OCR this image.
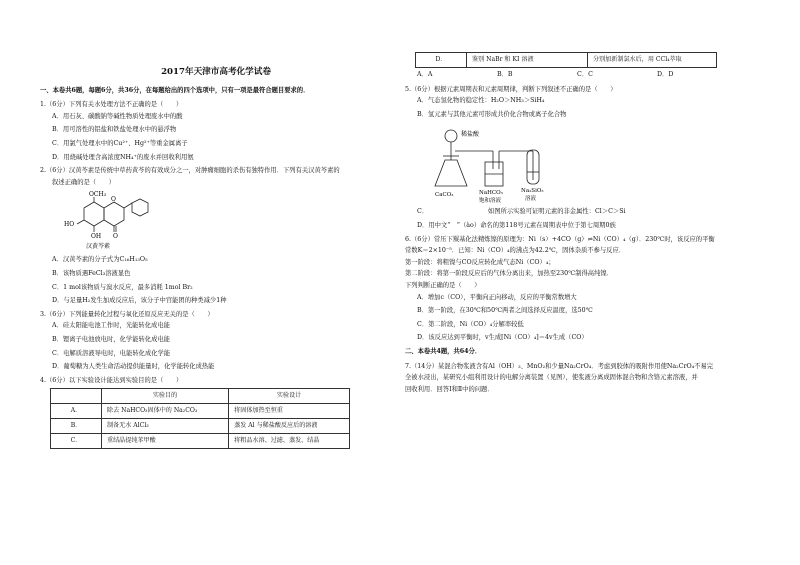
2017年天津市高考化学试卷
一、本卷共6题，每题6分，共36分，在每题给出的四个选项中，只有一项是最符合题目要求的．
1.（6分）下列有关水处理方法不正确的是（　　）
A．用石灰、碳酸钠等碱性物质处理废水中的酸
B．用可溶性的铝盐和铁盐处理水中的悬浮物
C．用氯气处理水中的Cu²⁺、Hg²⁺等重金属离子
D．用烧碱处理含高浓度NH₄⁺的废水并回收利用氨
2.（6分）汉黄芩素是传统中草药黄芩的有效成分之一，对肿瘤细胞的杀伤有独特作用．下列有关汉黄芩素的
叙述正确的是（　　）
OCH₃
HO
OH O
O
汉黄芩素
A．汉黄芩素的分子式为C₁₆H₁₃O₅
B．该物质遇FeCl₃溶液显色
C．1 mol该物质与溴水反应，最多消耗 1mol Br₂
D．与足量H₂发生加成反应后，该分子中官能团的种类减少1种
3.（6分）下列能量转化过程与氧化还原反应无关的是（　　）
A．硅太阳能电池工作时，光能转化成电能
B．锂离子电池放电时，化学能转化成电能
C．电解质溶液导电时，电能转化成化学能
D．葡萄糖为人类生命活动提供能量时，化学能转化成热能
4.（6分）以下实验设计能达到实验目的是（　　）
	实验目的	实验设计
A．	除去 NaHCO₃固体中的 Na₂CO₃	将固体加热至恒重
B．	制备无水 AlCl₃	蒸发 Al 与稀盐酸反应后的溶液
C．	重结晶提纯苯甲酸	将粗品水溶、过滤、蒸发、结晶
D．	鉴别 NaBr 和 KI 溶液	分别加新制氯水后，用 CCl₄萃取
A．A	B．B	C．C	D．D
5.（6分）根据元素周期表和元素周期律，判断下列叙述不正确的是（　　）
A．气态氢化物的稳定性：H₂O＞NH₃＞SiH₄
B．氢元素与其他元素可形成共价化合物或离子化合物
稀盐酸
CaCO₃	NaHCO₃
饱和溶液
Na₂SiO₃
溶液
C．　　　　　　　　　　如图所示实验可证明元素的非金属性：Cl＞C＞Si
D．用中文“　”（ào）命名的第118号元素在周期表中位于第七周期0族
6.（6分）常压下羰基化法精炼镍的原理为：Ni（s）+4CO（g）⇌Ni（CO）₄（g）．230℃时，该反应的平衡
常数K＝2×10⁻⁵．已知：Ni（CO）₄的沸点为42.2℃，固体杂质不参与反应．
第一阶段：将粗镍与CO反应转化成气态Ni（CO）₄；
第二阶段：将第一阶段反应后的气体分离出来，加热至230℃制得高纯镍．
下列判断正确的是（　　）
A．增加c（CO），平衡向正向移动，反应的平衡常数增大
B．第一阶段，在30℃和50℃两者之间选择反应温度，选50℃
C．第二阶段，Ni（CO）₄分解率较低
D．该反应达到平衡时，v生成[Ni（CO）₄]＝4v生成（CO）
二、本卷共4题，共64分．
7.（14分）某混合物浆液含有Al（OH）₃、MnO₂和少量Na₂CrO₄．考虑到胶体的吸附作用使Na₂CrO₄不易完
全被水浸出，某研究小组利用设计的电解分离装置（见图），使浆液分离成固体混合物和含铬元素溶液，并
回收利用．回答Ⅰ和Ⅱ中的问题．
